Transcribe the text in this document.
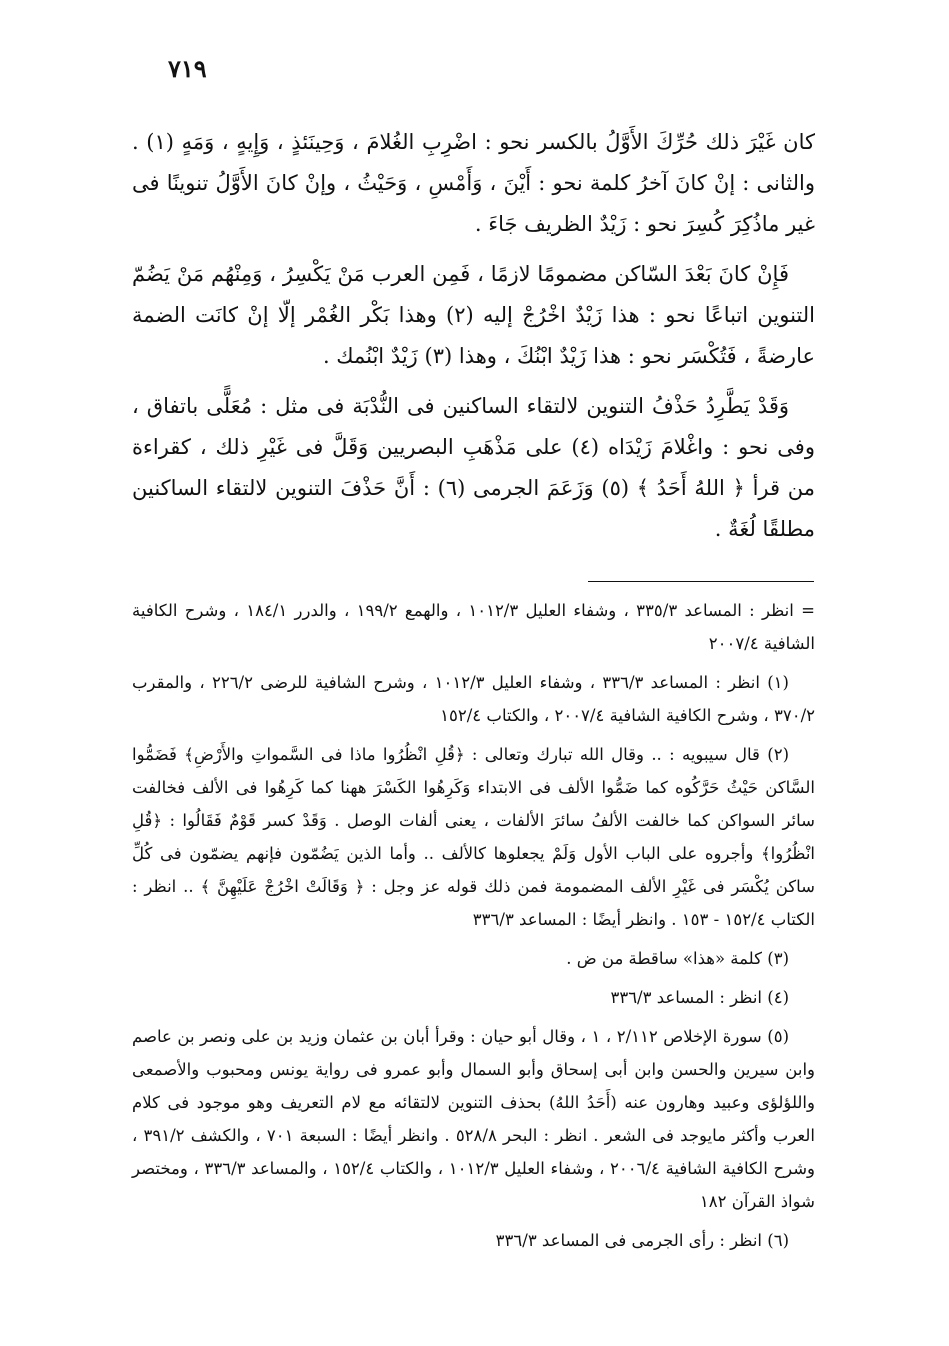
٧١٩

كان غَيْرَ ذلك حُرِّكَ الأَوَّلُ بالكسر نحو : اضْرِبِ الغُلامَ ، وَحِينَئذٍ ، وَإِيهٍ ، وَمَهٍ (١) . والثانى : إنْ كانَ آخرُ كلمة نحو : أَيْنَ ، وَأَمْسِ ، وَحَيْثُ ، وإنْ كانَ الأَوَّلُ تنوينًا فى غير ماذُكِرَ كُسِرَ نحو : زَيْدٌ الظريف جَاءَ .

فَإِنْ كانَ بَعْدَ السّاكن مضمومًا لازمًا ، فَمِن العرب مَنْ يَكْسِرُ ، وَمِنْهُم مَنْ يَضُمّ التنوين اتباعًا نحو : هذا زَيْدٌ اخْرُجْ إليه (٢) وهذا بَكْر الغُمْر إلّا إنْ كانَت الضمة عارضةً ، فَتُكْسَر نحو : هذا زَيْدٌ ابْنُكَ ، وهذا (٣) زَيْدٌ ابْنُمك .

وَقَدْ يَطَّرِدُ حَذْفُ التنوين لالتقاء الساكنين فى النُّدْبَة فى مثل : مُعَلًّى باتفاق ، وفى نحو : واغْلامَ زَيْدَاه (٤) على مَذْهَبِ البصريين وَقَلَّ فى غَيْرِ ذلك ، كقراءة من قرأ ﴿ اللهُ أَحَدُ ﴾ (٥) وَزَعَمَ الجرمى (٦) : أَنَّ حَذْفَ التنوين لالتقاء الساكنين مطلقًا لُغَةٌ .

= انظر : المساعد ٣٣٥/٣ ، وشفاء العليل ١٠١٢/٣ ، والهمع ١٩٩/٢ ، والدرر ١٨٤/١ ، وشرح الكافية الشافية ٢٠٠٧/٤

(١) انظر : المساعد ٣٣٦/٣ ، وشفاء العليل ١٠١٢/٣ ، وشرح الشافية للرضى ٢٢٦/٢ ، والمقرب ٣٧٠/٢ ، وشرح الكافية الشافية ٢٠٠٧/٤ ، والكتاب ١٥٢/٤

(٢) قال سيبويه : .. وقال الله تبارك وتعالى : ﴿قُلِ انْظُرُوا ماذا فى السَّمواتِ والأَرْضِ﴾ فَضَمُّوا السَّاكن حَيْثُ حَرَّكُوه كما ضَمُّوا الألف فى الابتداء وَكَرِهُوا الكَسْرَ ههنا كما كَرِهُوا فى الألف فخالفت سائر السواكن كما خالفت الألفُ سائرَ الألفات ، يعنى ألفات الوصل . وَقَدْ كسر قَوْمٌ فَقَالُوا : ﴿قُلِ انْظُرُوا﴾ وأجروه على الباب الأول وَلَمْ يجعلوها كالألف .. وأما الذين يَضُمّون فإنهم يضمّون فى كُلِّ ساكن يُكْسَر فى غَيْرِ الألف المضمومة فمن ذلك قوله عز وجل : ﴿ وَقَالَتْ اخْرُجْ عَلَيْهِنَّ ﴾ .. انظر : الكتاب ١٥٢/٤ - ١٥٣ . وانظر أيضًا : المساعد ٣٣٦/٣

(٣) كلمة «هذا» ساقطة من ض .

(٤) انظر : المساعد ٣٣٦/٣

(٥) سورة الإخلاص ٢/١١٢ ، ١ ، وقال أبو حيان : وقرأ أبان بن عثمان وزيد بن على ونصر بن عاصم وابن سيرين والحسن وابن أبى إسحاق وأبو السمال وأبو عمرو فى رواية يونس ومحبوب والأصمعى واللؤلؤى وعبيد وهارون عنه (أَحَدُ اللهُ) بحذف التنوين لالتقائه مع لام التعريف وهو موجود فى كلام العرب وأكثر مايوجد فى الشعر . انظر : البحر ٥٢٨/٨ . وانظر أيضًا : السبعة ٧٠١ ، والكشف ٣٩١/٢ ، وشرح الكافية الشافية ٢٠٠٦/٤ ، وشفاء العليل ١٠١٢/٣ ، والكتاب ١٥٢/٤ ، والمساعد ٣٣٦/٣ ، ومختصر شواذ القرآن ١٨٢

(٦) انظر : رأى الجرمى فى المساعد ٣٣٦/٣
